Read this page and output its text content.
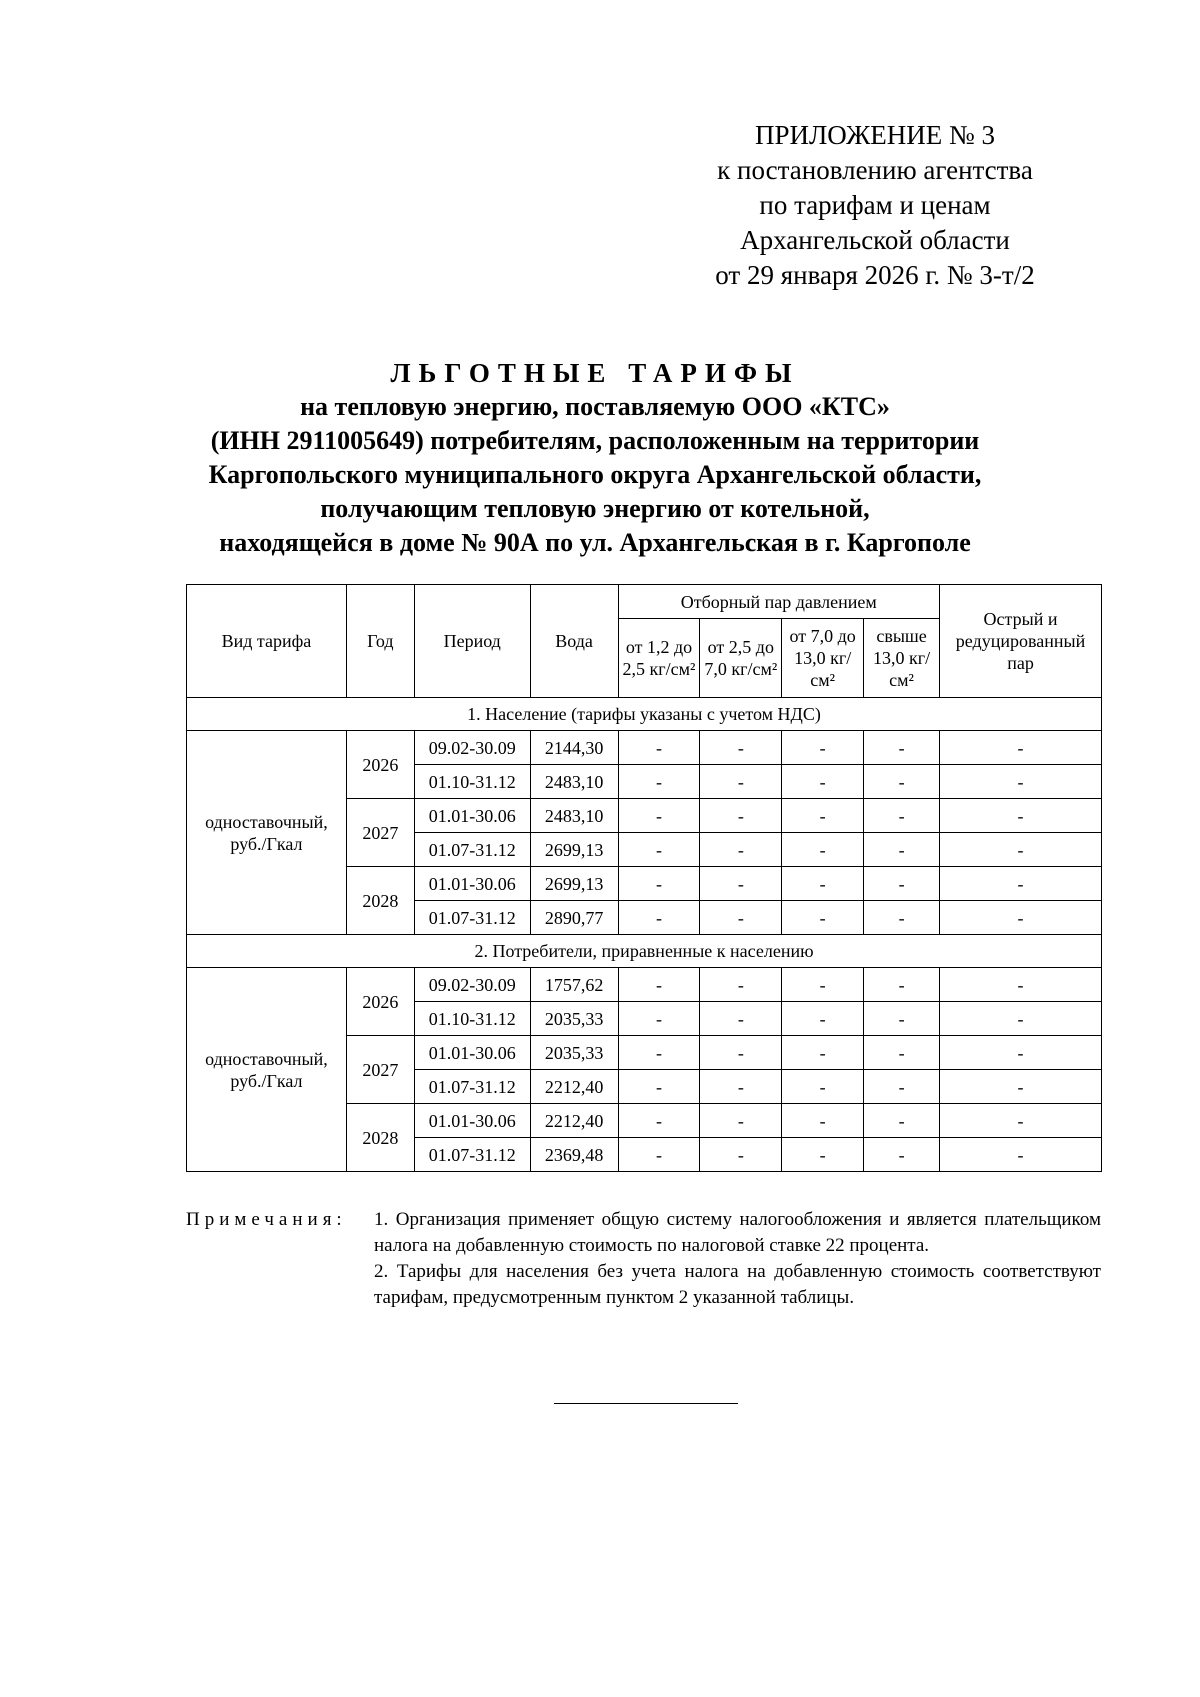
ПРИЛОЖЕНИЕ № 3
к постановлению агентства
по тарифам и ценам
Архангельской области
от 29 января 2026 г. № 3-т/2
ЛЬГОТНЫЕ ТАРИФЫ
на тепловую энергию, поставляемую ООО «КТС»
(ИНН 2911005649) потребителям, расположенным на территории
Каргопольского муниципального округа Архангельской области,
получающим тепловую энергию от котельной,
находящейся в доме № 90А по ул. Архангельская в г. Каргополе
Вид тарифа	Год	Период	Вода	Отборный пар давлением				Острый и редуцированный пар
				от 1,2 до 2,5 кг/см²	от 2,5 до 7,0 кг/см²	от 7,0 до 13,0 кг/см²	свыше 13,0 кг/см²	
1. Население (тарифы указаны с учетом НДС)								
одноставочный, руб./Гкал	2026	09.02-30.09	2144,30	-	-	-	-	-
		01.10-31.12	2483,10	-	-	-	-	-
	2027	01.01-30.06	2483,10	-	-	-	-	-
		01.07-31.12	2699,13	-	-	-	-	-
	2028	01.01-30.06	2699,13	-	-	-	-	-
		01.07-31.12	2890,77	-	-	-	-	-
2. Потребители, приравненные к населению								
одноставочный, руб./Гкал	2026	09.02-30.09	1757,62	-	-	-	-	-
		01.10-31.12	2035,33	-	-	-	-	-
	2027	01.01-30.06	2035,33	-	-	-	-	-
		01.07-31.12	2212,40	-	-	-	-	-
	2028	01.01-30.06	2212,40	-	-	-	-	-
		01.07-31.12	2369,48	-	-	-	-	-
Примечания: 1. Организация применяет общую систему налогообложения и является плательщиком налога на добавленную стоимость по налоговой ставке 22 процента.

2. Тарифы для населения без учета налога на добавленную стоимость соответствуют тарифам, предусмотренным пунктом 2 указанной таблицы.
